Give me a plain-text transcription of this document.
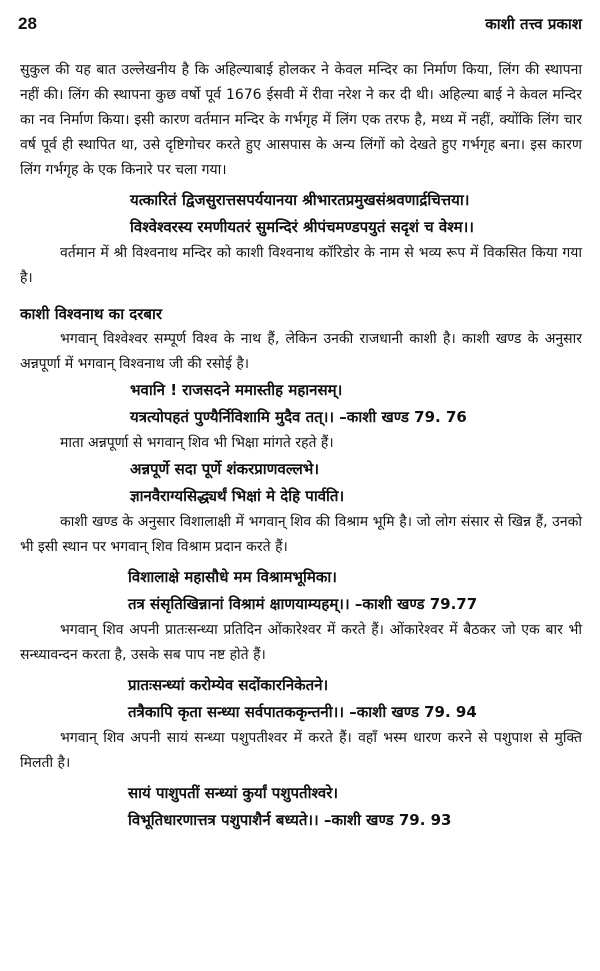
28	काशी तत्त्व प्रकाश

सुकुल की यह बात उल्लेखनीय है कि अहिल्याबाई होलकर ने केवल मन्दिर का निर्माण किया, लिंग की स्थापना नहीं की। लिंग की स्थापना कुछ वर्षो पूर्व 1676 ईसवी में रीवा नरेश ने कर दी थी। अहिल्या बाई ने केवल मन्दिर का नव निर्माण किया। इसी कारण वर्तमान मन्दिर के गर्भगृह में लिंग एक तरफ है, मध्य में नहीं, क्योंकि लिंग चार वर्ष पूर्व ही स्थापित था, उसे दृष्टिगोचर करते हुए आसपास के अन्य लिंगों को देखते हुए गर्भगृह बना। इस कारण लिंग गर्भगृह के एक किनारे पर चला गया।

यत्कारितं द्विजसुरात्तसपर्ययानया श्रीभारतप्रमुखसंश्रवणार्द्रचित्तया।

विश्वेश्वरस्य रमणीयतरं सुमन्दिरं श्रीपंचमण्डपयुतं सदृशं च वेश्म।।

वर्तमान में श्री विश्वनाथ मन्दिर को काशी विश्वनाथ कॉरिडोर के नाम से भव्य रूप में विकसित किया गया है।

काशी विश्वनाथ का दरबार

भगवान् विश्वेश्वर सम्पूर्ण विश्व के नाथ हैं, लेकिन उनकी राजधानी काशी है। काशी खण्ड के अनुसार अन्नपूर्णा में भगवान् विश्वनाथ जी की रसोई है।

भवानि ! राजसदने ममास्तीह महानसम्।

यत्रत्योपहतं पुण्यैर्निविशामि मुदैव तत्।। –काशी खण्ड 79. 76

माता अन्नपूर्णा से भगवान् शिव भी भिक्षा मांगते रहते हैं।

अन्नपूर्णे सदा पूर्णे शंकरप्राणवल्लभे।

ज्ञानवैराग्यसिद्ध्यर्थं भिक्षां मे देहि पार्वति।

काशी खण्ड के अनुसार विशालाक्षी में भगवान् शिव की विश्राम भूमि है। जो लोग संसार से खिन्न हैं, उनको भी इसी स्थान पर भगवान् शिव विश्राम प्रदान करते हैं।

विशालाक्षे महासौधे मम विश्रामभूमिका।

तत्र संसृतिखिन्नानां विश्रामं क्षाणयाम्यहम्।। –काशी खण्ड 79.77

भगवान् शिव अपनी प्रातःसन्ध्या प्रतिदिन ओंकारेश्वर में करते हैं। ओंकारेश्वर में बैठकर जो एक बार भी सन्ध्यावन्दन करता है, उसके सब पाप नष्ट होते हैं।

प्रातःसन्ध्यां करोम्येव सदोंकारनिकेतने।

तत्रैकापि कृता सन्ध्या सर्वपातककृन्तनी।। –काशी खण्ड 79. 94

भगवान् शिव अपनी सायं सन्ध्या पशुपतीश्वर में करते हैं। वहाँ भस्म धारण करने से पशुपाश से मुक्ति मिलती है।

सायं पाशुपतीं सन्ध्यां कुर्यां पशुपतीश्वरे।

विभूतिधारणात्तत्र पशुपाशैर्न बध्यते।। –काशी खण्ड 79. 93
